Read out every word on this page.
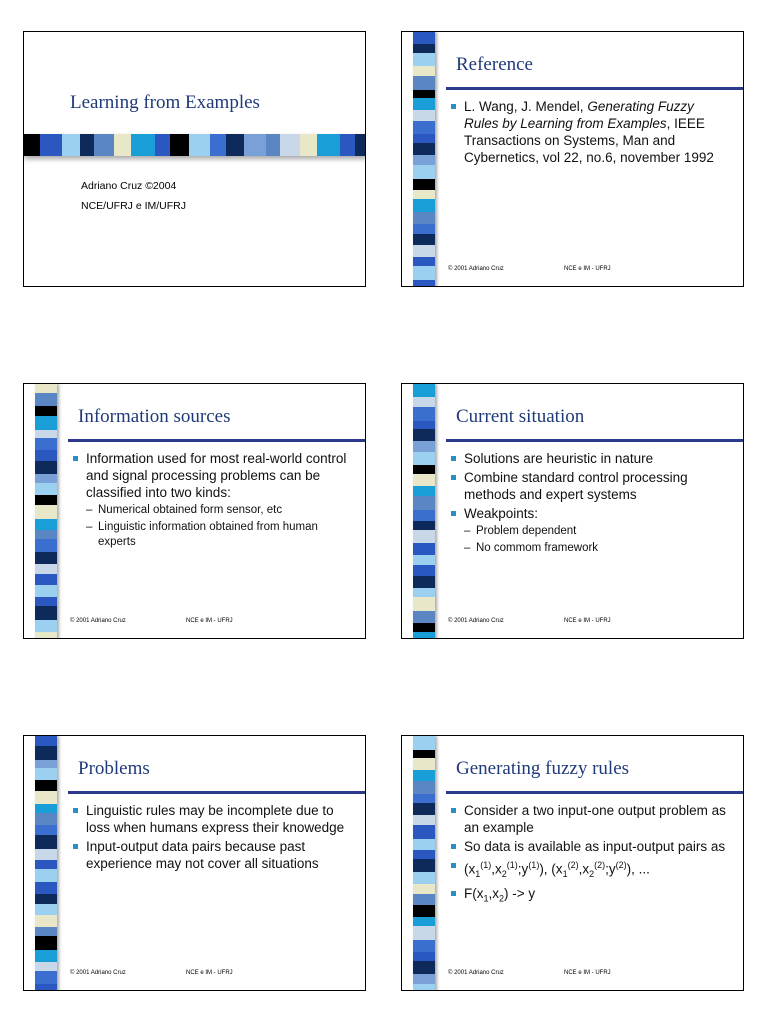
Learning from Examples
Adriano Cruz ©2004
NCE/UFRJ e IM/UFRJ
Reference
L. Wang, J. Mendel, Generating Fuzzy Rules by Learning from Examples, IEEE Transactions on Systems, Man and Cybernetics, vol 22, no.6, november 1992
© 2001 Adriano Cruz	NCE e IM - UFRJ
Information sources
Information used for most real-world control and signal processing problems can be classified into two kinds:
– Numerical obtained form sensor, etc
– Linguistic information obtained from human experts
© 2001 Adriano Cruz	NCE e IM - UFRJ
Current situation
Solutions are heuristic in nature
Combine standard control processing methods and expert systems
Weakpoints:
– Problem dependent
– No commom framework
© 2001 Adriano Cruz	NCE e IM - UFRJ
Problems
Linguistic rules may be incomplete due to loss when humans express their knowedge
Input-output data pairs because past experience may not cover all situations
© 2001 Adriano Cruz	NCE e IM - UFRJ
Generating fuzzy rules
Consider a two input-one output problem as an example
So data is available as input-output pairs as
$(x_1^{(1)},x_2^{(1)};y^{(1)})$, $(x_1^{(2)},x_2^{(2)};y^{(2)})$, ...
$F(x_1,x_2) -> y$
© 2001 Adriano Cruz	NCE e IM - UFRJ
